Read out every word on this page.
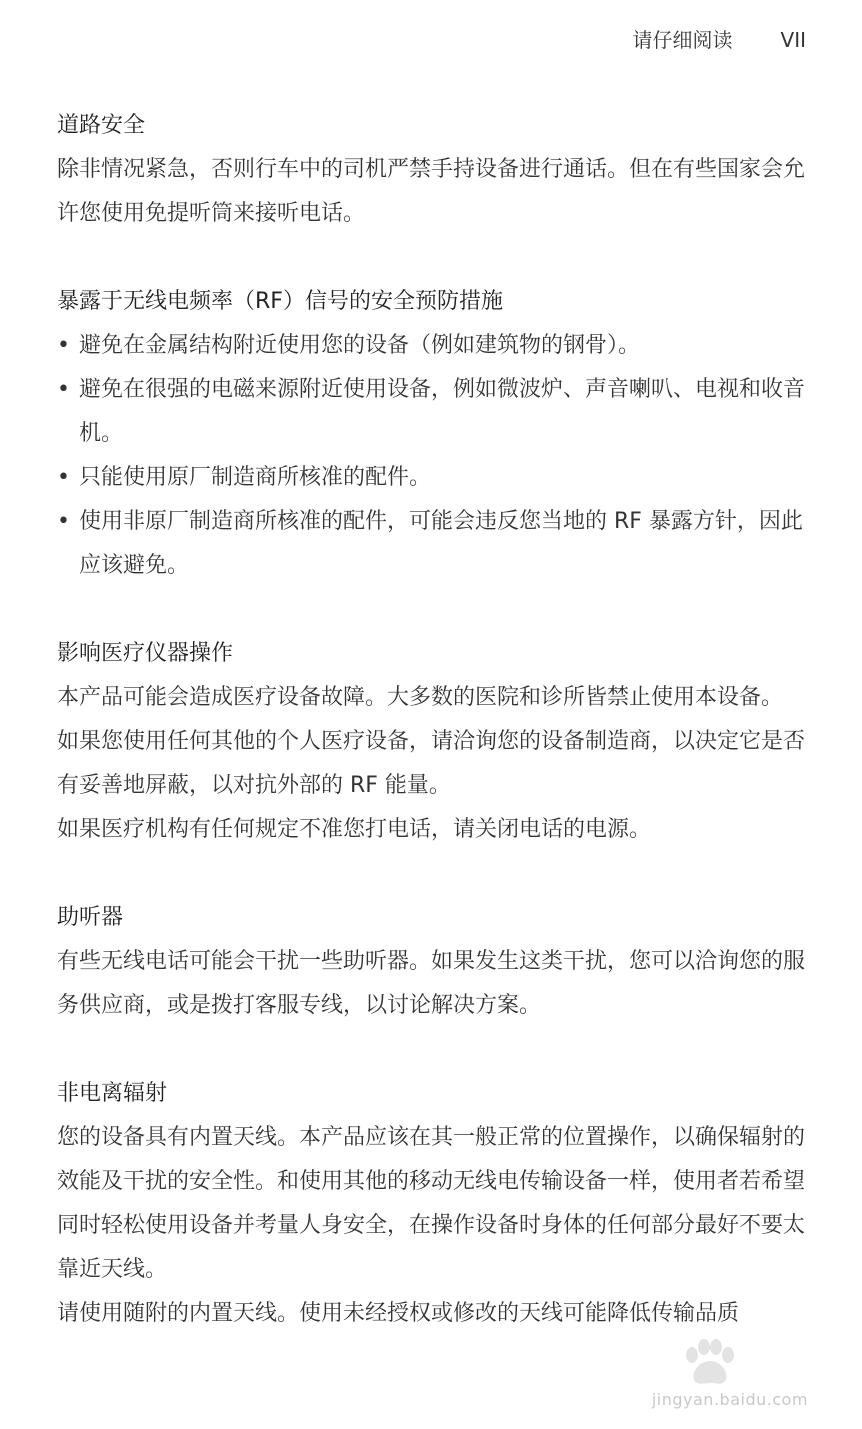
请仔细阅读 VII
道路安全
除非情况紧急，否则行车中的司机严禁手持设备进行通话。但在有些国家会允许您使用免提听筒来接听电话。
暴露于无线电频率（RF）信号的安全预防措施
• 避免在金属结构附近使用您的设备（例如建筑物的钢骨）。
• 避免在很强的电磁来源附近使用设备，例如微波炉、声音喇叭、电视和收音机。
• 只能使用原厂制造商所核准的配件。
• 使用非原厂制造商所核准的配件，可能会违反您当地的 RF 暴露方针，因此应该避免。
影响医疗仪器操作
本产品可能会造成医疗设备故障。大多数的医院和诊所皆禁止使用本设备。
如果您使用任何其他的个人医疗设备，请洽询您的设备制造商，以决定它是否有妥善地屏蔽，以对抗外部的 RF 能量。
如果医疗机构有任何规定不准您打电话，请关闭电话的电源。
助听器
有些无线电话可能会干扰一些助听器。如果发生这类干扰，您可以洽询您的服务供应商，或是拨打客服专线，以讨论解决方案。
非电离辐射
您的设备具有内置天线。本产品应该在其一般正常的位置操作，以确保辐射的效能及干扰的安全性。和使用其他的移动无线电传输设备一样，使用者若希望同时轻松使用设备并考量人身安全，在操作设备时身体的任何部分最好不要太靠近天线。
请使用随附的内置天线。使用未经授权或修改的天线可能降低传输品质
jingyan.baidu.com
